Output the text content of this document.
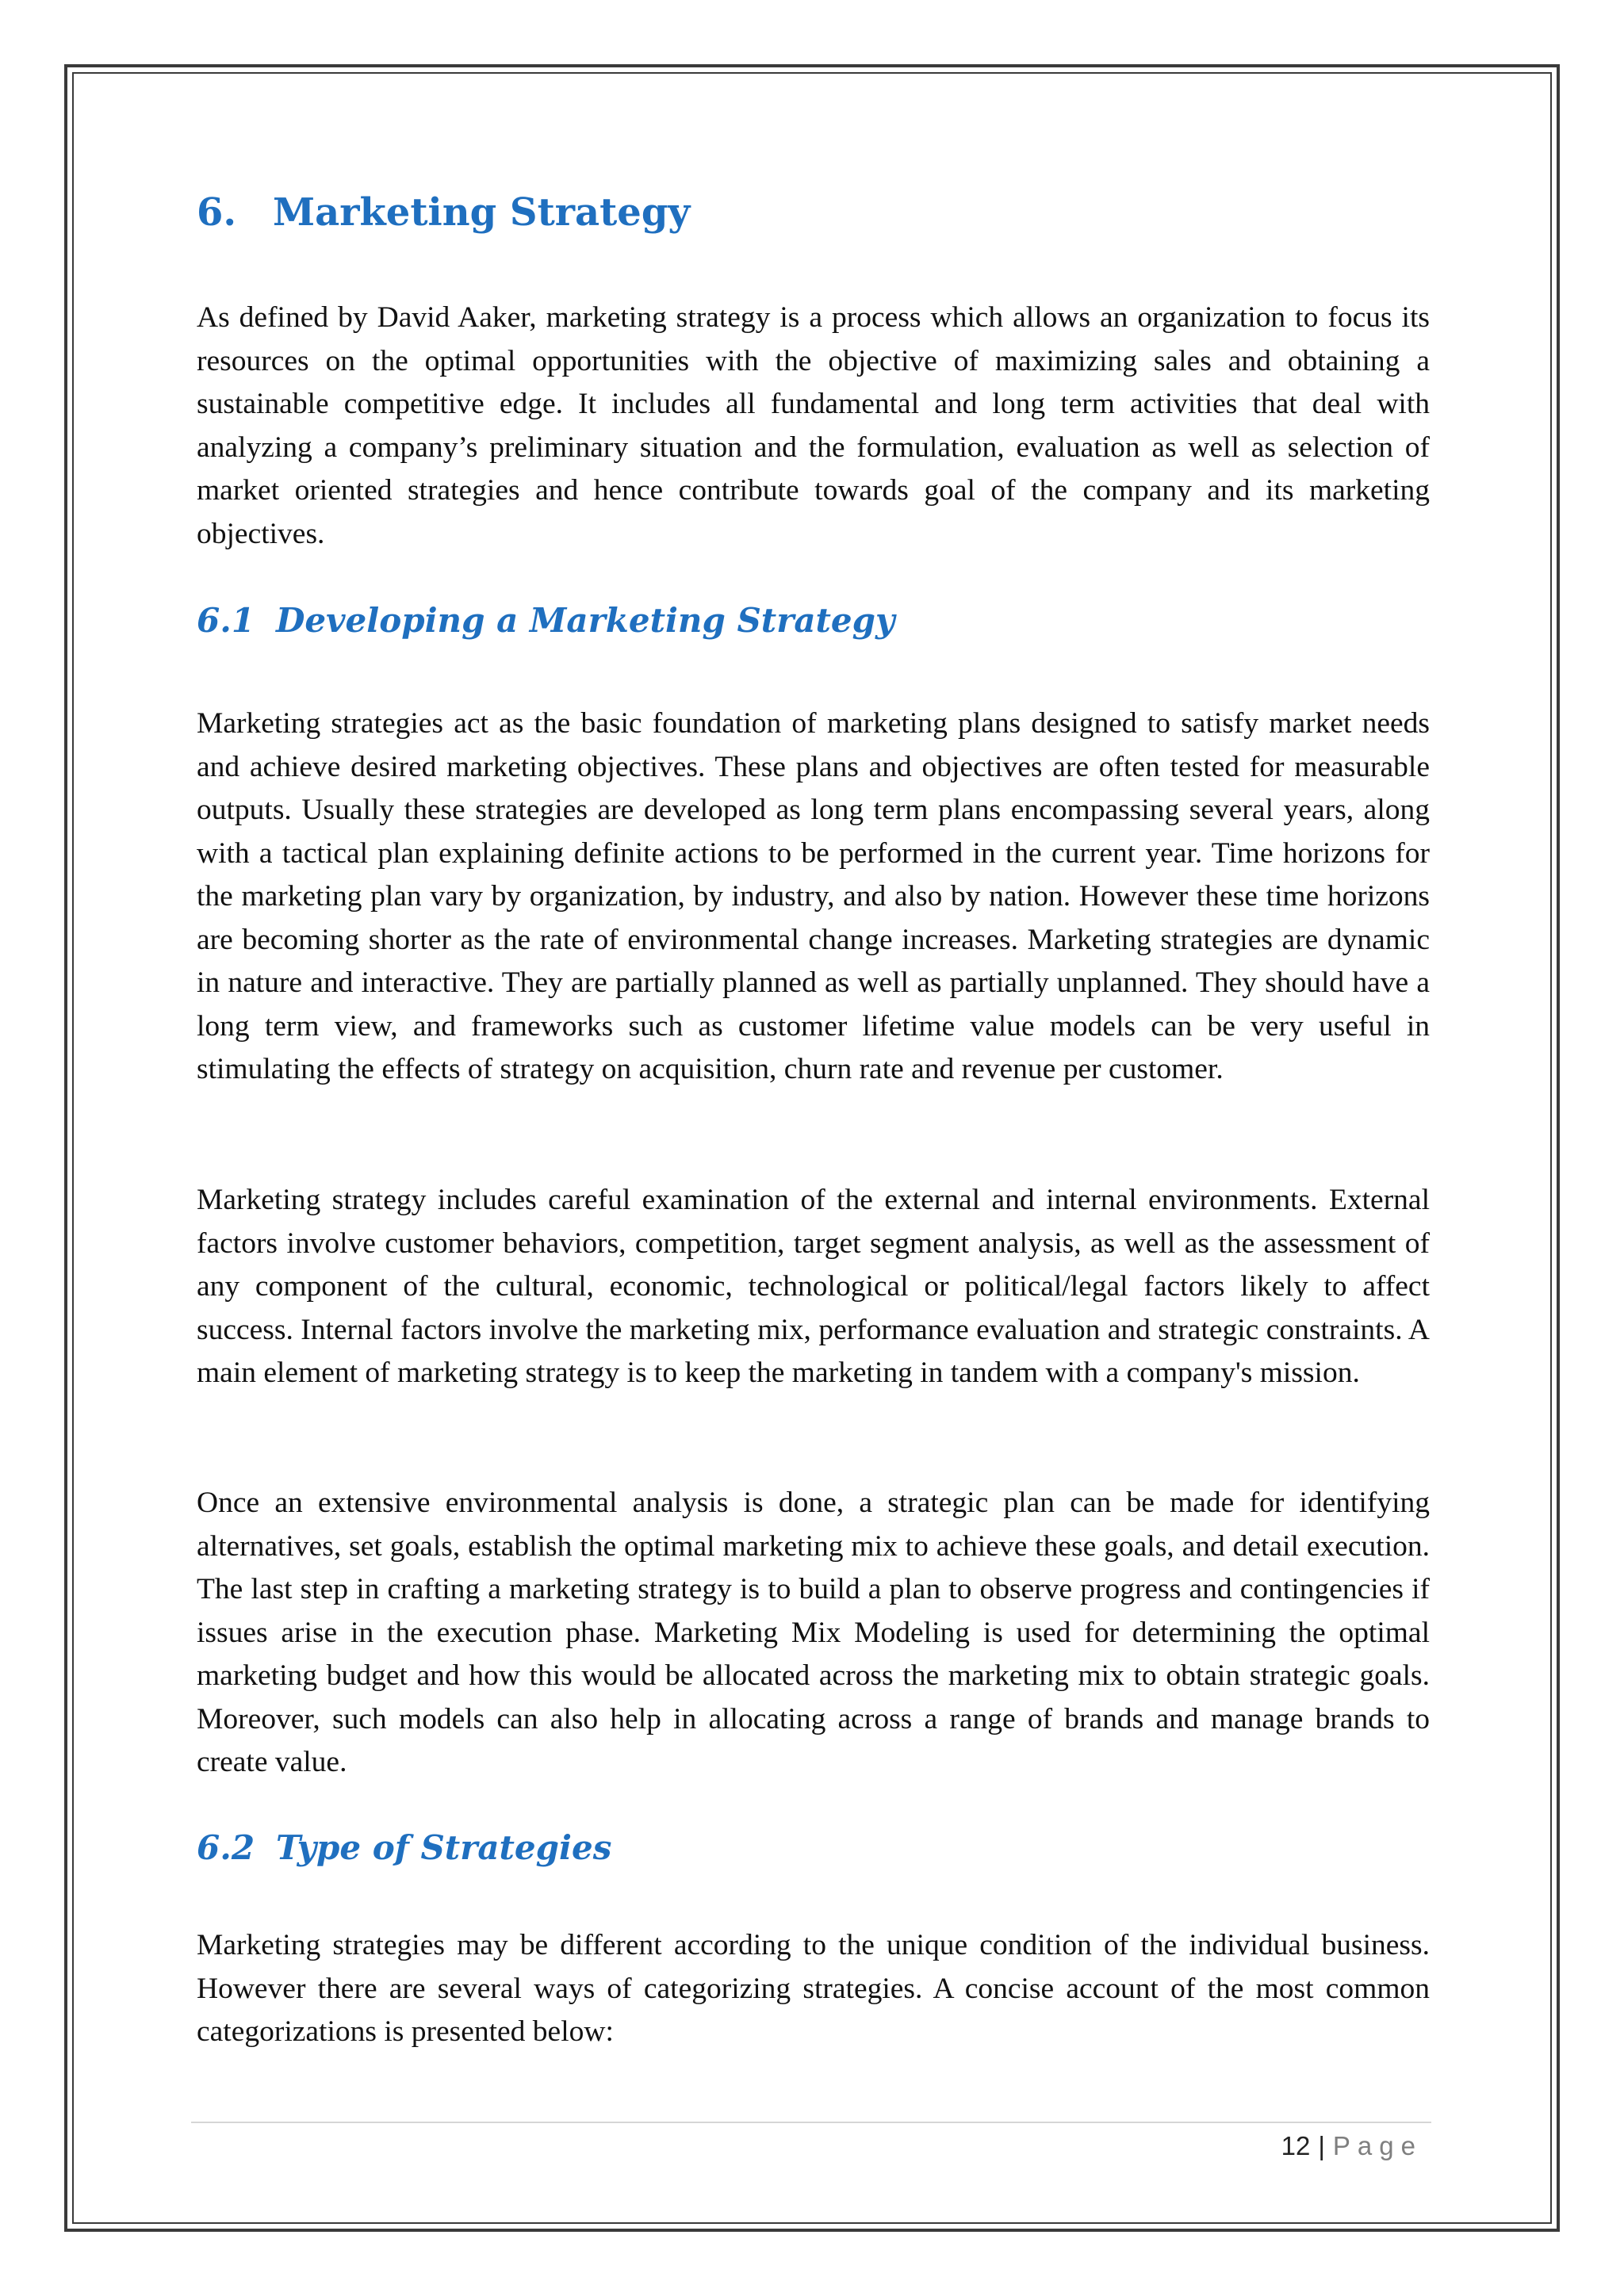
6. Marketing Strategy

As defined by David Aaker, marketing strategy is a process which allows an organization to focus its resources on the optimal opportunities with the objective of maximizing sales and obtaining a sustainable competitive edge. It includes all fundamental and long term activities that deal with analyzing a company’s preliminary situation and the formulation, evaluation as well as selection of market oriented strategies and hence contribute towards goal of the company and its marketing objectives.

6.1 Developing a Marketing Strategy

Marketing strategies act as the basic foundation of marketing plans designed to satisfy market needs and achieve desired marketing objectives. These plans and objectives are often tested for measurable outputs. Usually these strategies are developed as long term plans encompassing several years, along with a tactical plan explaining definite actions to be performed in the current year. Time horizons for the marketing plan vary by organization, by industry, and also by nation. However these time horizons are becoming shorter as the rate of environmental change increases. Marketing strategies are dynamic in nature and interactive. They are partially planned as well as partially unplanned. They should have a long term view, and frameworks such as customer lifetime value models can be very useful in stimulating the effects of strategy on acquisition, churn rate and revenue per customer.

Marketing strategy includes careful examination of the external and internal environments. External factors involve customer behaviors, competition, target segment analysis, as well as the assessment of any component of the cultural, economic, technological or political/legal factors likely to affect success. Internal factors involve the marketing mix, performance evaluation and strategic constraints. A main element of marketing strategy is to keep the marketing in tandem with a company's mission.

Once an extensive environmental analysis is done, a strategic plan can be made for identifying alternatives, set goals, establish the optimal marketing mix to achieve these goals, and detail execution. The last step in crafting a marketing strategy is to build a plan to observe progress and contingencies if issues arise in the execution phase. Marketing Mix Modeling is used for determining the optimal marketing budget and how this would be allocated across the marketing mix to obtain strategic goals. Moreover, such models can also help in allocating across a range of brands and manage brands to create value.

6.2 Type of Strategies

Marketing strategies may be different according to the unique condition of the individual business. However there are several ways of categorizing strategies. A concise account of the most common categorizations is presented below:

12 | Page
